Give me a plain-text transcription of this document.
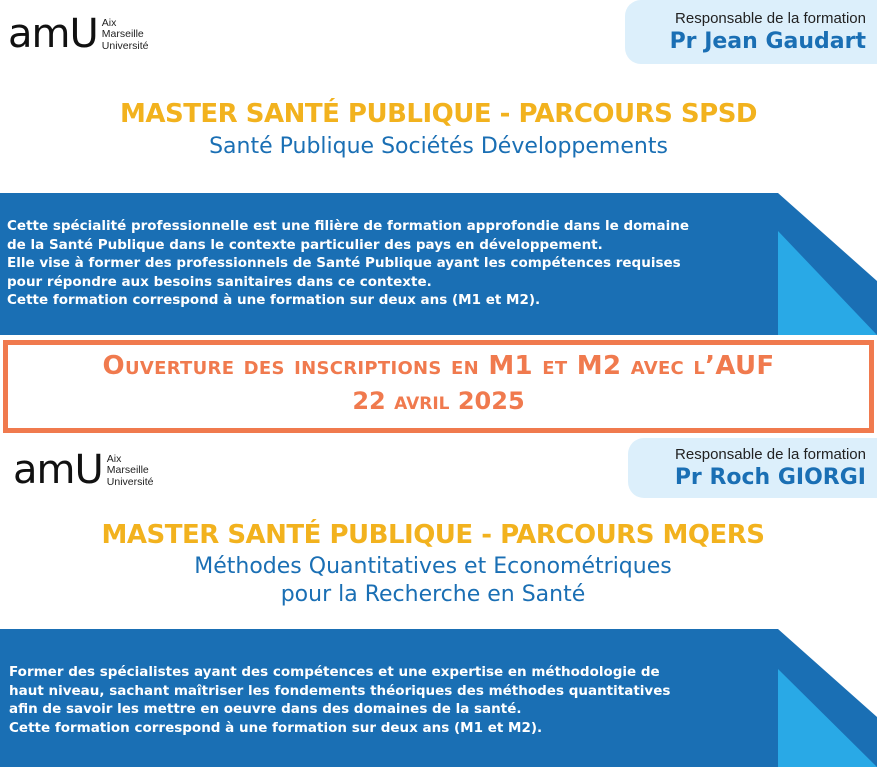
amU Aix
Marseille
Université
Responsable de la formation
Pr Jean Gaudart
MASTER SANTÉ PUBLIQUE - PARCOURS SPSD
Santé Publique Sociétés Développements
Cette spécialité professionnelle est une filière de formation approfondie dans le domaine
de la Santé Publique dans le contexte particulier des pays en développement.
Elle vise à former des professionnels de Santé Publique ayant les compétences requises
pour répondre aux besoins sanitaires dans ce contexte.
Cette formation correspond à une formation sur deux ans (M1 et M2).
Ouverture des inscriptions en M1 et M2 avec l’AUF
22 avril 2025
amU Aix
Marseille
Université
Responsable de la formation
Pr Roch GIORGI
MASTER SANTÉ PUBLIQUE - PARCOURS MQERS
Méthodes Quantitatives et Econométriques
pour la Recherche en Santé
Former des spécialistes ayant des compétences et une expertise en méthodologie de
haut niveau, sachant maîtriser les fondements théoriques des méthodes quantitatives
afin de savoir les mettre en oeuvre dans des domaines de la santé.
Cette formation correspond à une formation sur deux ans (M1 et M2).
